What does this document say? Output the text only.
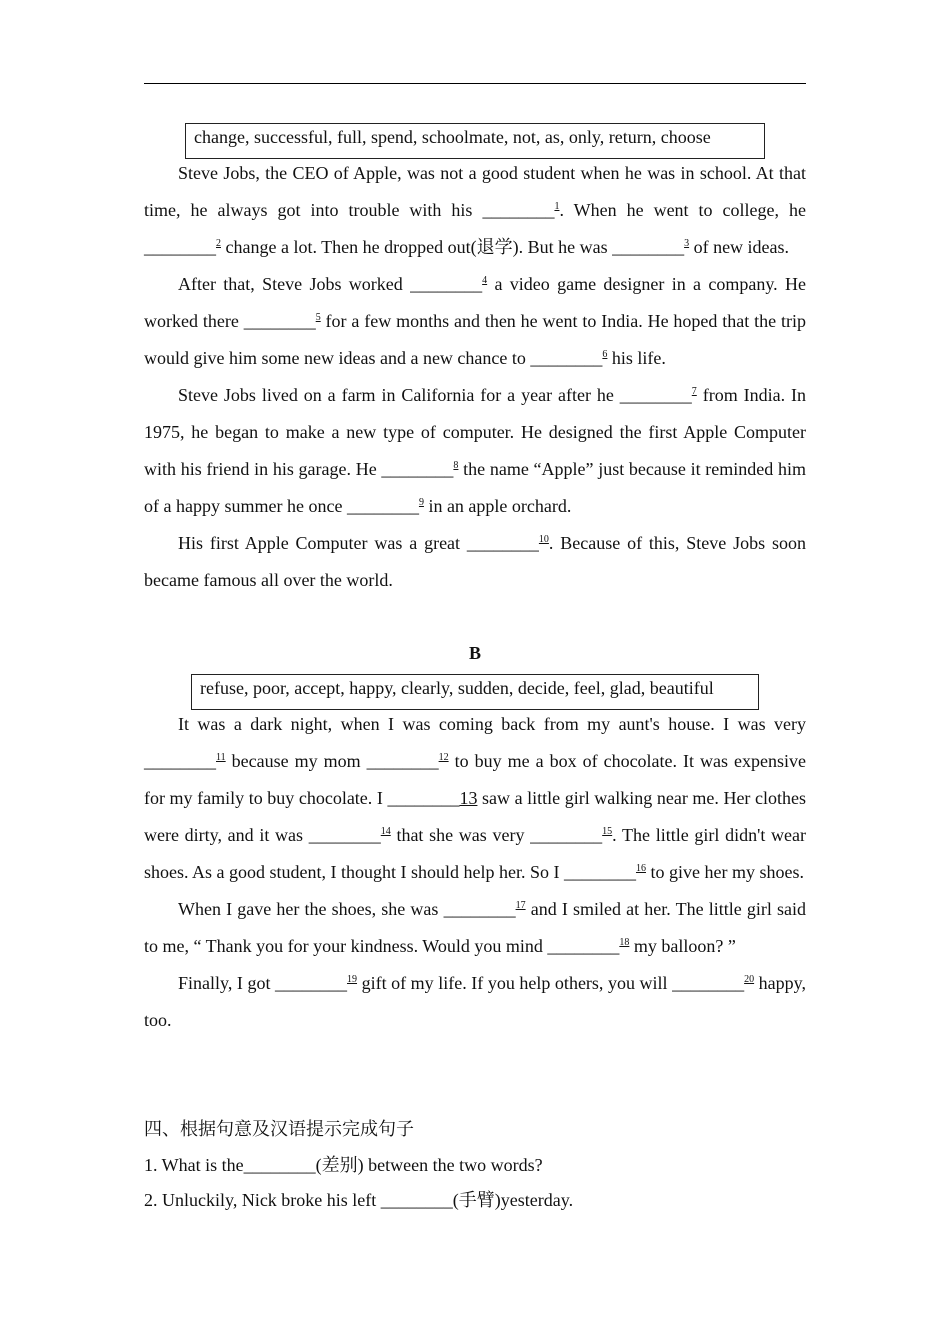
change, successful, full, spend, schoolmate, not, as, only, return, choose

Steve Jobs, the CEO of Apple, was not a good student when he was in school. At that time, he always got into trouble with his ________$^1$. When he went to college, he ________$^2$ change a lot. Then he dropped out(退学). But he was ________$^3$ of new ideas.

After that, Steve Jobs worked ________$^4$ a video game designer in a company. He worked there ________$^5$ for a few months and then he went to India. He hoped that the trip would give him some new ideas and a new chance to ________$^6$ his life.

Steve Jobs lived on a farm in California for a year after he ________$^7$ from India. In 1975, he began to make a new type of computer. He designed the first Apple Computer with his friend in his garage. He ________$^8$ the name “Apple” just because it reminded him of a happy summer he once ________$^9$ in an apple orchard.

His first Apple Computer was a great ________$^{10}$. Because of this, Steve Jobs soon became famous all over the world.

B
refuse, poor, accept, happy, clearly, sudden, decide, feel, glad, beautiful

It was a dark night, when I was coming back from my aunt's house. I was very ________$^{11}$ because my mom ________$^{12}$ to buy me a box of chocolate. It was expensive for my family to buy chocolate. I ________13 saw a little girl walking near me. Her clothes were dirty, and it was ________$^{14}$ that she was very ________$^{15}$. The little girl didn't wear shoes. As a good student, I thought I should help her. So I ________$^{16}$ to give her my shoes.

When I gave her the shoes, she was ________$^{17}$ and I smiled at her. The little girl said to me, “ Thank you for your kindness. Would you mind ________$^{18}$ my balloon? ”

Finally, I got ________$^{19}$ gift of my life. If you help others, you will ________$^{20}$ happy, too.

四、根据句意及汉语提示完成句子
1. What is the________(差别) between the two words?
2. Unluckily, Nick broke his left ________(手臂)yesterday.
